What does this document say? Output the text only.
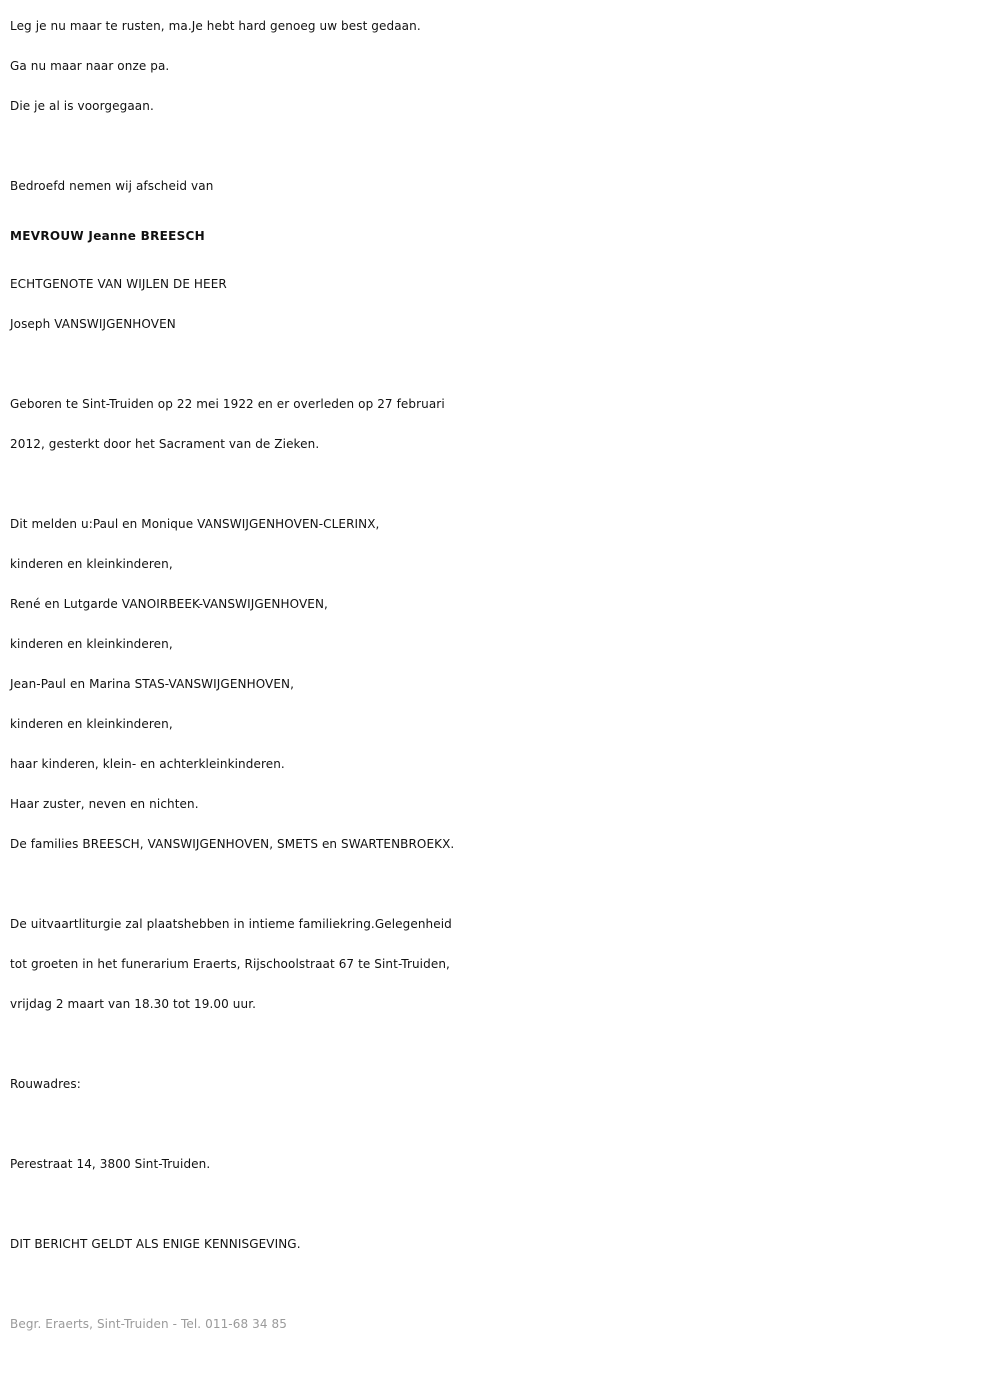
Leg je nu maar te rusten, ma.Je hebt hard genoeg uw best gedaan.
Ga nu maar naar onze pa.
Die je al is voorgegaan.
Bedroefd nemen wij afscheid van
MEVROUW Jeanne BREESCH
ECHTGENOTE VAN WIJLEN DE HEER
Joseph VANSWIJGENHOVEN
Geboren te Sint-Truiden op 22 mei 1922 en er overleden op 27 februari
2012, gesterkt door het Sacrament van de Zieken.
Dit melden u:Paul en Monique VANSWIJGENHOVEN-CLERINX,
kinderen en kleinkinderen,
René en Lutgarde VANOIRBEEK-VANSWIJGENHOVEN,
kinderen en kleinkinderen,
Jean-Paul en Marina STAS-VANSWIJGENHOVEN,
kinderen en kleinkinderen,
haar kinderen, klein- en achterkleinkinderen.
Haar zuster, neven en nichten.
De families BREESCH, VANSWIJGENHOVEN, SMETS en SWARTENBROEKX.
De uitvaartliturgie zal plaatshebben in intieme familiekring.Gelegenheid
tot groeten in het funerarium Eraerts, Rijschoolstraat 67 te Sint-Truiden,
vrijdag 2 maart van 18.30 tot 19.00 uur.
Rouwadres:
Perestraat 14, 3800 Sint-Truiden.
DIT BERICHT GELDT ALS ENIGE KENNISGEVING.
Begr. Eraerts, Sint-Truiden - Tel. 011-68 34 85
